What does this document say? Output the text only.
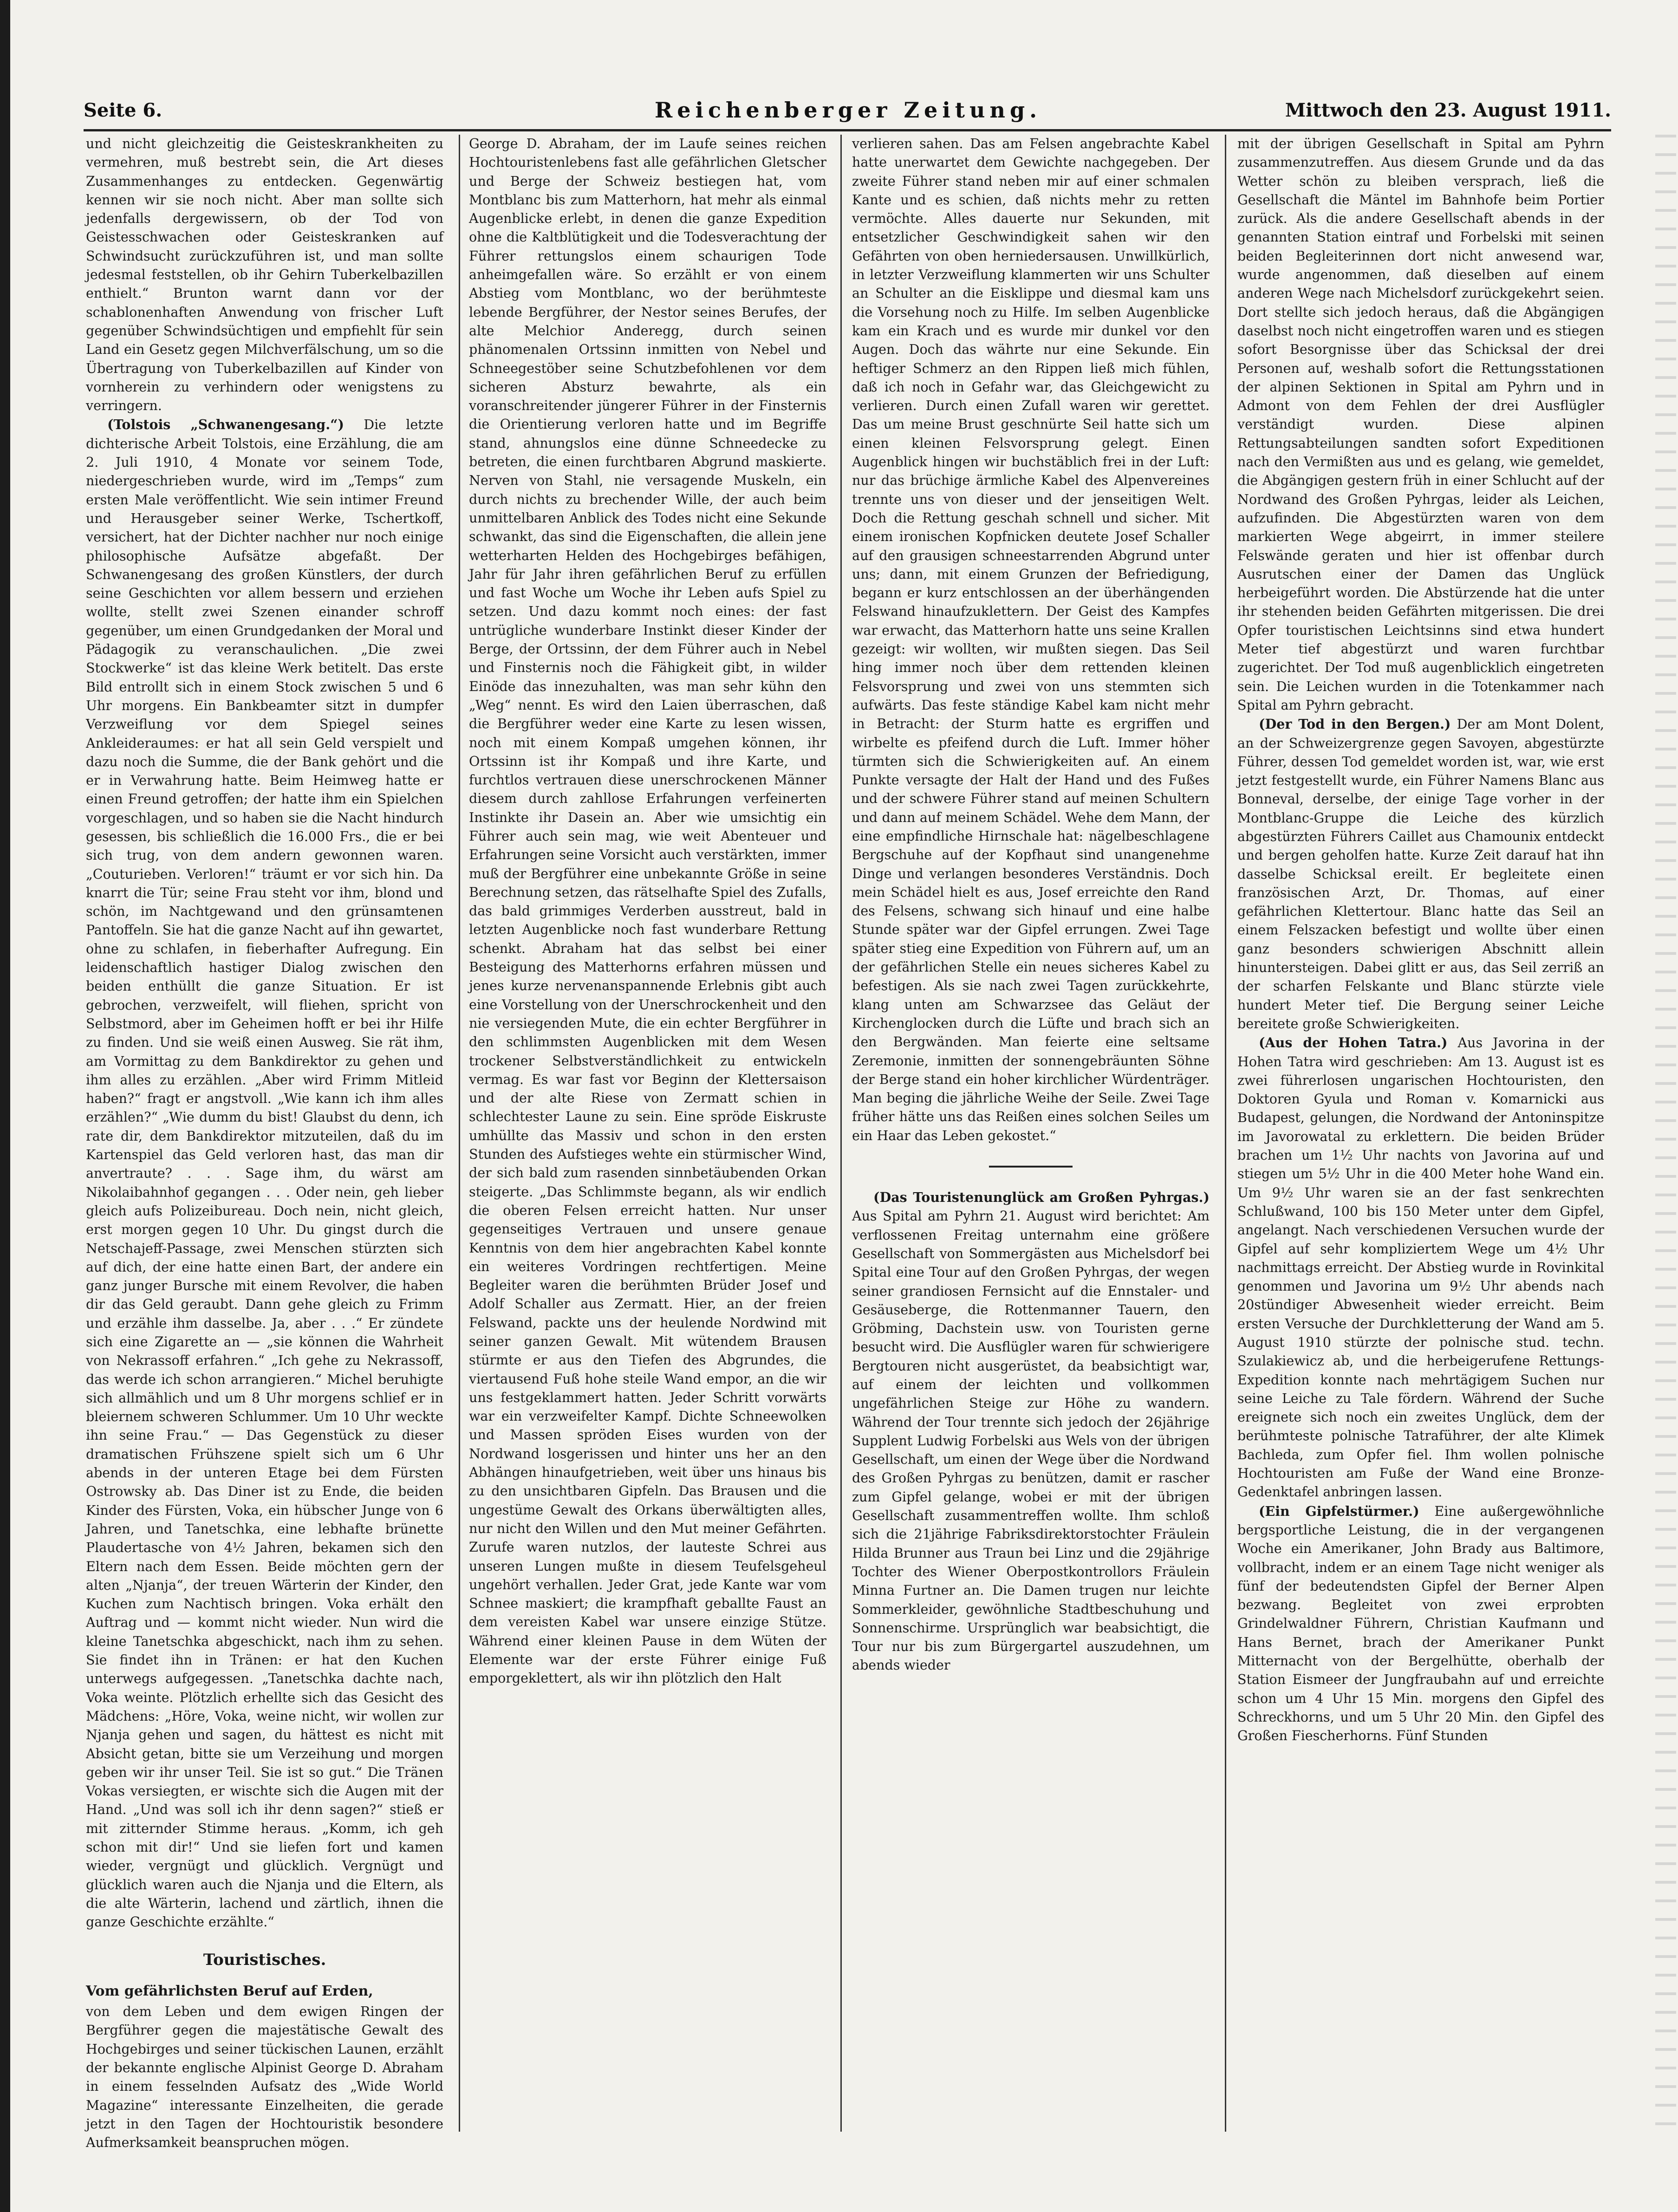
Seite 6.	Reichenberger Zeitung.	Mittwoch den 23. August 1911.

und nicht gleichzeitig die Geisteskrankheiten zu vermehren, muß bestrebt sein, die Art dieses Zusammenhanges zu entdecken. Gegenwärtig kennen wir sie noch nicht. Aber man sollte sich jedenfalls dergewissern, ob der Tod von Geistesschwachen oder Geisteskranken auf Schwindsucht zurückzuführen ist, und man sollte jedesmal feststellen, ob ihr Gehirn Tuberkelbazillen enthielt.“ Brunton warnt dann vor der schablonenhaften Anwendung von frischer Luft gegenüber Schwindsüchtigen und empfiehlt für sein Land ein Gesetz gegen Milchverfälschung, um so die Übertragung von Tuberkelbazillen auf Kinder von vornherein zu verhindern oder wenigstens zu verringern.

(Tolstois „Schwanengesang.“) Die letzte dichterische Arbeit Tolstois, eine Erzählung, die am 2. Juli 1910, 4 Monate vor seinem Tode, niedergeschrieben wurde, wird im „Temps“ zum ersten Male veröffentlicht. Wie sein intimer Freund und Herausgeber seiner Werke, Tschertkoff, versichert, hat der Dichter nachher nur noch einige philosophische Aufsätze abgefaßt. Der Schwanengesang des großen Künstlers, der durch seine Geschichten vor allem bessern und erziehen wollte, stellt zwei Szenen einander schroff gegenüber, um einen Grundgedanken der Moral und Pädagogik zu veranschaulichen. „Die zwei Stockwerke“ ist das kleine Werk betitelt. Das erste Bild entrollt sich in einem Stock zwischen 5 und 6 Uhr morgens. Ein Bankbeamter sitzt in dumpfer Verzweiflung vor dem Spiegel seines Ankleideraumes: er hat all sein Geld verspielt und dazu noch die Summe, die der Bank gehört und die er in Verwahrung hatte. Beim Heimweg hatte er einen Freund getroffen; der hatte ihm ein Spielchen vorgeschlagen, und so haben sie die Nacht hindurch gesessen, bis schließlich die 16.000 Frs., die er bei sich trug, von dem andern gewonnen waren. „Couturieben. Verloren!“ träumt er vor sich hin. Da knarrt die Tür; seine Frau steht vor ihm, blond und schön, im Nachtgewand und den grünsamtenen Pantoffeln. Sie hat die ganze Nacht auf ihn gewartet, ohne zu schlafen, in fieberhafter Aufregung. Ein leidenschaftlich hastiger Dialog zwischen den beiden enthüllt die ganze Situation. Er ist gebrochen, verzweifelt, will fliehen, spricht von Selbstmord, aber im Geheimen hofft er bei ihr Hilfe zu finden. Und sie weiß einen Ausweg. Sie rät ihm, am Vormittag zu dem Bankdirektor zu gehen und ihm alles zu erzählen. „Aber wird Frimm Mitleid haben?“ fragt er angstvoll. „Wie kann ich ihm alles erzählen?“ „Wie dumm du bist! Glaubst du denn, ich rate dir, dem Bankdirektor mitzuteilen, daß du im Kartenspiel das Geld verloren hast, das man dir anvertraute? . . . Sage ihm, du wärst am Nikolaibahnhof gegangen . . . Oder nein, geh lieber gleich aufs Polizeibureau. Doch nein, nicht gleich, erst morgen gegen 10 Uhr. Du gingst durch die Netschajeff-Passage, zwei Menschen stürzten sich auf dich, der eine hatte einen Bart, der andere ein ganz junger Bursche mit einem Revolver, die haben dir das Geld geraubt. Dann gehe gleich zu Frimm und erzähle ihm dasselbe. Ja, aber . . .“ Er zündete sich eine Zigarette an — „sie können die Wahrheit von Nekrassoff erfahren.“ „Ich gehe zu Nekrassoff, das werde ich schon arrangieren.“ Michel beruhigte sich allmählich und um 8 Uhr morgens schlief er in bleiernem schweren Schlummer. Um 10 Uhr weckte ihn seine Frau.“ — Das Gegenstück zu dieser dramatischen Frühszene spielt sich um 6 Uhr abends in der unteren Etage bei dem Fürsten Ostrowsky ab. Das Diner ist zu Ende, die beiden Kinder des Fürsten, Voka, ein hübscher Junge von 6 Jahren, und Tanetschka, eine lebhafte brünette Plaudertasche von 4½ Jahren, bekamen sich den Eltern nach dem Essen. Beide möchten gern der alten „Njanja“, der treuen Wärterin der Kinder, den Kuchen zum Nachtisch bringen. Voka erhält den Auftrag und — kommt nicht wieder. Nun wird die kleine Tanetschka abgeschickt, nach ihm zu sehen. Sie findet ihn in Tränen: er hat den Kuchen unterwegs aufgegessen. „Tanetschka dachte nach, Voka weinte. Plötzlich erhellte sich das Gesicht des Mädchens: „Höre, Voka, weine nicht, wir wollen zur Njanja gehen und sagen, du hättest es nicht mit Absicht getan, bitte sie um Verzeihung und morgen geben wir ihr unser Teil. Sie ist so gut.“ Die Tränen Vokas versiegten, er wischte sich die Augen mit der Hand. „Und was soll ich ihr denn sagen?“ stieß er mit zitternder Stimme heraus. „Komm, ich geh schon mit dir!“ Und sie liefen fort und kamen wieder, vergnügt und glücklich. Vergnügt und glücklich waren auch die Njanja und die Eltern, als die alte Wärterin, lachend und zärtlich, ihnen die ganze Geschichte erzählte.“

Touristisches.
Vom gefährlichsten Beruf auf Erden,

von dem Leben und dem ewigen Ringen der Bergführer gegen die majestätische Gewalt des Hochgebirges und seiner tückischen Launen, erzählt der bekannte englische Alpinist George D. Abraham in einem fesselnden Aufsatz des „Wide World Magazine“ interessante Einzelheiten, die gerade jetzt in den Tagen der Hochtouristik besondere Aufmerksamkeit beanspruchen mögen.

George D. Abraham, der im Laufe seines reichen Hochtouristenlebens fast alle gefährlichen Gletscher und Berge der Schweiz bestiegen hat, vom Montblanc bis zum Matterhorn, hat mehr als einmal Augenblicke erlebt, in denen die ganze Expedition ohne die Kaltblütigkeit und die Todesverachtung der Führer rettungslos einem schaurigen Tode anheimgefallen wäre. So erzählt er von einem Abstieg vom Montblanc, wo der berühmteste lebende Bergführer, der Nestor seines Berufes, der alte Melchior Anderegg, durch seinen phänomenalen Ortssinn inmitten von Nebel und Schneegestöber seine Schutzbefohlenen vor dem sicheren Absturz bewahrte, als ein voranschreitender jüngerer Führer in der Finsternis die Orientierung verloren hatte und im Begriffe stand, ahnungslos eine dünne Schneedecke zu betreten, die einen furchtbaren Abgrund maskierte. Nerven von Stahl, nie versagende Muskeln, ein durch nichts zu brechender Wille, der auch beim unmittelbaren Anblick des Todes nicht eine Sekunde schwankt, das sind die Eigenschaften, die allein jene wetterharten Helden des Hochgebirges befähigen, Jahr für Jahr ihren gefährlichen Beruf zu erfüllen und fast Woche um Woche ihr Leben aufs Spiel zu setzen. Und dazu kommt noch eines: der fast untrügliche wunderbare Instinkt dieser Kinder der Berge, der Ortssinn, der dem Führer auch in Nebel und Finsternis noch die Fähigkeit gibt, in wilder Einöde das innezuhalten, was man sehr kühn den „Weg“ nennt. Es wird den Laien überraschen, daß die Bergführer weder eine Karte zu lesen wissen, noch mit einem Kompaß umgehen können, ihr Ortssinn ist ihr Kompaß und ihre Karte, und furchtlos vertrauen diese unerschrockenen Männer diesem durch zahllose Erfahrungen verfeinerten Instinkte ihr Dasein an. Aber wie umsichtig ein Führer auch sein mag, wie weit Abenteuer und Erfahrungen seine Vorsicht auch verstärkten, immer muß der Bergführer eine unbekannte Größe in seine Berechnung setzen, das rätselhafte Spiel des Zufalls, das bald grimmiges Verderben ausstreut, bald in letzten Augenblicke noch fast wunderbare Rettung schenkt. Abraham hat das selbst bei einer Besteigung des Matterhorns erfahren müssen und jenes kurze nervenanspannende Erlebnis gibt auch eine Vorstellung von der Unerschrockenheit und den nie versiegenden Mute, die ein echter Bergführer in den schlimmsten Augenblicken mit dem Wesen trockener Selbstverständlichkeit zu entwickeln vermag. Es war fast vor Beginn der Klettersaison und der alte Riese von Zermatt schien in schlechtester Laune zu sein. Eine spröde Eiskruste umhüllte das Massiv und schon in den ersten Stunden des Aufstieges wehte ein stürmischer Wind, der sich bald zum rasenden sinnbetäubenden Orkan steigerte. „Das Schlimmste begann, als wir endlich die oberen Felsen erreicht hatten. Nur unser gegenseitiges Vertrauen und unsere genaue Kenntnis von dem hier angebrachten Kabel konnte ein weiteres Vordringen rechtfertigen. Meine Begleiter waren die berühmten Brüder Josef und Adolf Schaller aus Zermatt. Hier, an der freien Felswand, packte uns der heulende Nordwind mit seiner ganzen Gewalt. Mit wütendem Brausen stürmte er aus den Tiefen des Abgrundes, die viertausend Fuß hohe steile Wand empor, an die wir uns festgeklammert hatten. Jeder Schritt vorwärts war ein verzweifelter Kampf. Dichte Schneewolken und Massen spröden Eises wurden von der Nordwand losgerissen und hinter uns her an den Abhängen hinaufgetrieben, weit über uns hinaus bis zu den unsichtbaren Gipfeln. Das Brausen und die ungestüme Gewalt des Orkans überwältigten alles, nur nicht den Willen und den Mut meiner Gefährten. Zurufe waren nutzlos, der lauteste Schrei aus unseren Lungen mußte in diesem Teufelsgeheul ungehört verhallen. Jeder Grat, jede Kante war vom Schnee maskiert; die krampfhaft geballte Faust an dem vereisten Kabel war unsere einzige Stütze. Während einer kleinen Pause in dem Wüten der Elemente war der erste Führer einige Fuß emporgeklettert, als wir ihn plötzlich den Halt

verlieren sahen. Das am Felsen angebrachte Kabel hatte unerwartet dem Gewichte nachgegeben. Der zweite Führer stand neben mir auf einer schmalen Kante und es schien, daß nichts mehr zu retten vermöchte. Alles dauerte nur Sekunden, mit entsetzlicher Geschwindigkeit sahen wir den Gefährten von oben herniedersausen. Unwillkürlich, in letzter Verzweiflung klammerten wir uns Schulter an Schulter an die Eisklippe und diesmal kam uns die Vorsehung noch zu Hilfe. Im selben Augenblicke kam ein Krach und es wurde mir dunkel vor den Augen. Doch das währte nur eine Sekunde. Ein heftiger Schmerz an den Rippen ließ mich fühlen, daß ich noch in Gefahr war, das Gleichgewicht zu verlieren. Durch einen Zufall waren wir gerettet. Das um meine Brust geschnürte Seil hatte sich um einen kleinen Felsvorsprung gelegt. Einen Augenblick hingen wir buchstäblich frei in der Luft: nur das brüchige ärmliche Kabel des Alpenvereines trennte uns von dieser und der jenseitigen Welt. Doch die Rettung geschah schnell und sicher. Mit einem ironischen Kopfnicken deutete Josef Schaller auf den grausigen schneestarrenden Abgrund unter uns; dann, mit einem Grunzen der Befriedigung, begann er kurz entschlossen an der überhängenden Felswand hinaufzuklettern. Der Geist des Kampfes war erwacht, das Matterhorn hatte uns seine Krallen gezeigt: wir wollten, wir mußten siegen. Das Seil hing immer noch über dem rettenden kleinen Felsvorsprung und zwei von uns stemmten sich aufwärts. Das feste ständige Kabel kam nicht mehr in Betracht: der Sturm hatte es ergriffen und wirbelte es pfeifend durch die Luft. Immer höher türmten sich die Schwierigkeiten auf. An einem Punkte versagte der Halt der Hand und des Fußes und der schwere Führer stand auf meinen Schultern und dann auf meinem Schädel. Wehe dem Mann, der eine empfindliche Hirnschale hat: nägelbeschlagene Bergschuhe auf der Kopfhaut sind unangenehme Dinge und verlangen besonderes Verständnis. Doch mein Schädel hielt es aus, Josef erreichte den Rand des Felsens, schwang sich hinauf und eine halbe Stunde später war der Gipfel errungen. Zwei Tage später stieg eine Expedition von Führern auf, um an der gefährlichen Stelle ein neues sicheres Kabel zu befestigen. Als sie nach zwei Tagen zurückkehrte, klang unten am Schwarzsee das Geläut der Kirchenglocken durch die Lüfte und brach sich an den Bergwänden. Man feierte eine seltsame Zeremonie, inmitten der sonnengebräunten Söhne der Berge stand ein hoher kirchlicher Würdenträger. Man beging die jährliche Weihe der Seile. Zwei Tage früher hätte uns das Reißen eines solchen Seiles um ein Haar das Leben gekostet.“

(Das Touristenunglück am Großen Pyhrgas.) Aus Spital am Pyhrn 21. August wird berichtet: Am verflossenen Freitag unternahm eine größere Gesellschaft von Sommergästen aus Michelsdorf bei Spital eine Tour auf den Großen Pyhrgas, der wegen seiner grandiosen Fernsicht auf die Ennstaler- und Gesäuseberge, die Rottenmanner Tauern, den Gröbming, Dachstein usw. von Touristen gerne besucht wird. Die Ausflügler waren für schwierigere Bergtouren nicht ausgerüstet, da beabsichtigt war, auf einem der leichten und vollkommen ungefährlichen Steige zur Höhe zu wandern. Während der Tour trennte sich jedoch der 26jährige Supplent Ludwig Forbelski aus Wels von der übrigen Gesellschaft, um einen der Wege über die Nordwand des Großen Pyhrgas zu benützen, damit er rascher zum Gipfel gelange, wobei er mit der übrigen Gesellschaft zusammentreffen wollte. Ihm schloß sich die 21jährige Fabriksdirektorstochter Fräulein Hilda Brunner aus Traun bei Linz und die 29jährige Tochter des Wiener Oberpostkontrollors Fräulein Minna Furtner an. Die Damen trugen nur leichte Sommerkleider, gewöhnliche Stadtbeschuhung und Sonnenschirme. Ursprünglich war beabsichtigt, die Tour nur bis zum Bürgergartel auszudehnen, um abends wieder

mit der übrigen Gesellschaft in Spital am Pyhrn zusammenzutreffen. Aus diesem Grunde und da das Wetter schön zu bleiben versprach, ließ die Gesellschaft die Mäntel im Bahnhofe beim Portier zurück. Als die andere Gesellschaft abends in der genannten Station eintraf und Forbelski mit seinen beiden Begleiterinnen dort nicht anwesend war, wurde angenommen, daß dieselben auf einem anderen Wege nach Michelsdorf zurückgekehrt seien. Dort stellte sich jedoch heraus, daß die Abgängigen daselbst noch nicht eingetroffen waren und es stiegen sofort Besorgnisse über das Schicksal der drei Personen auf, weshalb sofort die Rettungsstationen der alpinen Sektionen in Spital am Pyhrn und in Admont von dem Fehlen der drei Ausflügler verständigt wurden. Diese alpinen Rettungsabteilungen sandten sofort Expeditionen nach den Vermißten aus und es gelang, wie gemeldet, die Abgängigen gestern früh in einer Schlucht auf der Nordwand des Großen Pyhrgas, leider als Leichen, aufzufinden. Die Abgestürzten waren von dem markierten Wege abgeirrt, in immer steilere Felswände geraten und hier ist offenbar durch Ausrutschen einer der Damen das Unglück herbeigeführt worden. Die Abstürzende hat die unter ihr stehenden beiden Gefährten mitgerissen. Die drei Opfer touristischen Leichtsinns sind etwa hundert Meter tief abgestürzt und waren furchtbar zugerichtet. Der Tod muß augenblicklich eingetreten sein. Die Leichen wurden in die Totenkammer nach Spital am Pyhrn gebracht.

(Der Tod in den Bergen.) Der am Mont Dolent, an der Schweizergrenze gegen Savoyen, abgestürzte Führer, dessen Tod gemeldet worden ist, war, wie erst jetzt festgestellt wurde, ein Führer Namens Blanc aus Bonneval, derselbe, der einige Tage vorher in der Montblanc-Gruppe die Leiche des kürzlich abgestürzten Führers Caillet aus Chamounix entdeckt und bergen geholfen hatte. Kurze Zeit darauf hat ihn dasselbe Schicksal ereilt. Er begleitete einen französischen Arzt, Dr. Thomas, auf einer gefährlichen Klettertour. Blanc hatte das Seil an einem Felszacken befestigt und wollte über einen ganz besonders schwierigen Abschnitt allein hinuntersteigen. Dabei glitt er aus, das Seil zerriß an der scharfen Felskante und Blanc stürzte viele hundert Meter tief. Die Bergung seiner Leiche bereitete große Schwierigkeiten.

(Aus der Hohen Tatra.) Aus Javorina in der Hohen Tatra wird geschrieben: Am 13. August ist es zwei führerlosen ungarischen Hochtouristen, den Doktoren Gyula und Roman v. Komarnicki aus Budapest, gelungen, die Nordwand der Antoninspitze im Javorowatal zu erklettern. Die beiden Brüder brachen um 1½ Uhr nachts von Javorina auf und stiegen um 5½ Uhr in die 400 Meter hohe Wand ein. Um 9½ Uhr waren sie an der fast senkrechten Schlußwand, 100 bis 150 Meter unter dem Gipfel, angelangt. Nach verschiedenen Versuchen wurde der Gipfel auf sehr kompliziertem Wege um 4½ Uhr nachmittags erreicht. Der Abstieg wurde in Rovinkital genommen und Javorina um 9½ Uhr abends nach 20stündiger Abwesenheit wieder erreicht. Beim ersten Versuche der Durchkletterung der Wand am 5. August 1910 stürzte der polnische stud. techn. Szulakiewicz ab, und die herbeigerufene Rettungs-Expedition konnte nach mehrtägigem Suchen nur seine Leiche zu Tale fördern. Während der Suche ereignete sich noch ein zweites Unglück, dem der berühmteste polnische Tatraführer, der alte Klimek Bachleda, zum Opfer fiel. Ihm wollen polnische Hochtouristen am Fuße der Wand eine Bronze-Gedenktafel anbringen lassen.

(Ein Gipfelstürmer.) Eine außergewöhnliche bergsportliche Leistung, die in der vergangenen Woche ein Amerikaner, John Brady aus Baltimore, vollbracht, indem er an einem Tage nicht weniger als fünf der bedeutendsten Gipfel der Berner Alpen bezwang. Begleitet von zwei erprobten Grindelwaldner Führern, Christian Kaufmann und Hans Bernet, brach der Amerikaner Punkt Mitternacht von der Bergelhütte, oberhalb der Station Eismeer der Jungfraubahn auf und erreichte schon um 4 Uhr 15 Min. morgens den Gipfel des Schreckhorns, und um 5 Uhr 20 Min. den Gipfel des Großen Fiescherhorns. Fünf Stunden
